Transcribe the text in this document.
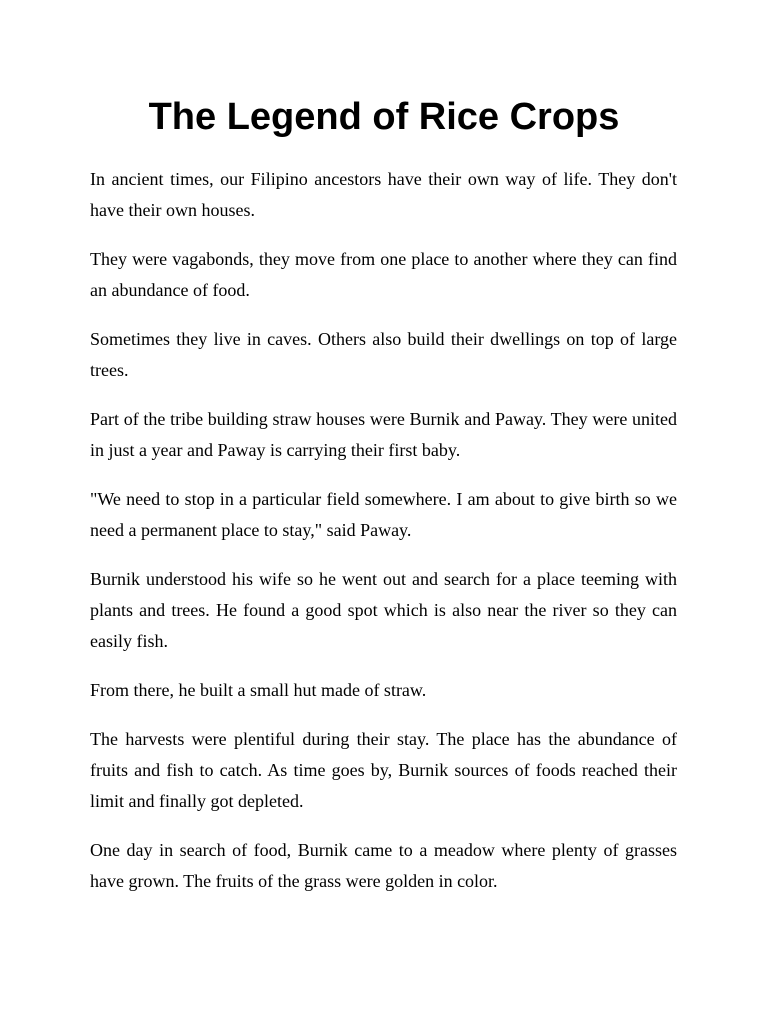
The Legend of Rice Crops

In ancient times, our Filipino ancestors have their own way of life. They don't have their own houses.

They were vagabonds, they move from one place to another where they can find an abundance of food.

Sometimes they live in caves. Others also build their dwellings on top of large trees.

Part of the tribe building straw houses were Burnik and Paway. They were united in just a year and Paway is carrying their first baby.

"We need to stop in a particular field somewhere. I am about to give birth so we need a permanent place to stay," said Paway.

Burnik understood his wife so he went out and search for a place teeming with plants and trees. He found a good spot which is also near the river so they can easily fish.

From there, he built a small hut made of straw.

The harvests were plentiful during their stay. The place has the abundance of fruits and fish to catch. As time goes by, Burnik sources of foods reached their limit and finally got depleted.

One day in search of food, Burnik came to a meadow where plenty of grasses have grown. The fruits of the grass were golden in color.
